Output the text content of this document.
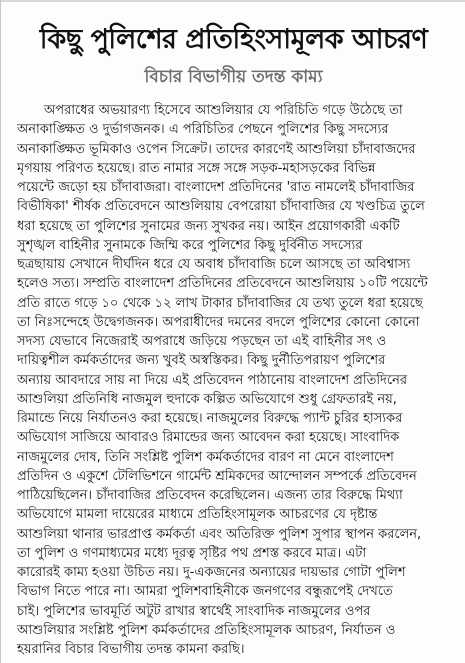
কিছু পুলিশের প্রতিহিংসামূলক আচরণ
বিচার বিভাগীয় তদন্ত কাম্য
অপরাধের অভয়ারণ্য হিসেবে আশুলিয়ার যে পরিচিতি গড়ে উঠেছে তা
অনাকাঙ্ক্ষিত ও দুর্ভাগজনক। এ পরিচিতির পেছনে পুলিশের কিছু সদস্যের
অনাকাঙ্ক্ষিত ভূমিকাও ওপেন সিক্রেট। তাদের কারণেই আশুলিয়া চাঁদাবাজদের
মৃগয়ায় পরিণত হয়েছে। রাত নামার সঙ্গে সঙ্গে সড়ক-মহাসড়কের বিভিন্ন
পয়েন্টে জড়ো হয় চাঁদাবাজরা। বাংলাদেশ প্রতিদিনের 'রাত নামলেই চাঁদাবাজির
বিভীষিকা' শীর্ষক প্রতিবেদনে আশুলিয়ায় বেপরোয়া চাঁদাবাজির যে খণ্ডচিত্র তুলে
ধরা হয়েছে তা পুলিশের সুনামের জন্য সুখকর নয়। আইন প্রয়োগকারী একটি
সুশৃঙ্খল বাহিনীর সুনামকে জিম্মি করে পুলিশের কিছু দুর্বিনীত সদস্যের
ছত্রছায়ায় সেখানে দীর্ঘদিন ধরে যে অবাধ চাঁদাবাজি চলে আসছে তা অবিশ্বাস্য
হলেও সত্য। সম্প্রতি বাংলাদেশ প্রতিদিনের প্রতিবেদনে আশুলিয়ায় ১০টি পয়েন্টে
প্রতি রাতে গড়ে ১০ থেকে ১২ লাখ টাকার চাঁদাবাজির যে তথ্য তুলে ধরা হয়েছে
তা নিঃসন্দেহে উদ্বেগজনক। অপরাধীদের দমনের বদলে পুলিশের কোনো কোনো
সদস্য যেভাবে নিজেরাই অপরাধে জড়িয়ে পড়ছেন তা এই বাহিনীর সৎ ও
দায়িত্বশীল কর্মকর্তাদের জন্য খুবই অস্বস্তিকর। কিছু দুর্নীতিপরায়ণ পুলিশের
অন্যায় আবদারে সায় না দিয়ে এই প্রতিবেদন পাঠানোয় বাংলাদেশ প্রতিদিনের
আশুলিয়া প্রতিনিধি নাজমুল হুদাকে কল্পিত অভিযোগে শুধু গ্রেফতারই নয়,
রিমান্ডে নিয়ে নির্যাতনও করা হয়েছে। নাজমুলের বিরুদ্ধে প্যান্ট চুরির হাস্যকর
অভিযোগ সাজিয়ে আবারও রিমান্ডের জন্য আবেদন করা হয়েছে। সাংবাদিক
নাজমুলের দোষ, তিনি সংশ্লিষ্ট পুলিশ কর্মকর্তাদের বারণ না মেনে বাংলাদেশ
প্রতিদিন ও একুশে টেলিভিশনে গার্মেন্ট শ্রমিকদের আন্দোলন সম্পর্কে প্রতিবেদন
পাঠিয়েছিলেন। চাঁদাবাজির প্রতিবেদন করেছিলেন। এজন্য তার বিরুদ্ধে মিথ্যা
অভিযোগে মামলা দায়েরের মাধ্যমে প্রতিহিংসামূলক আচরণের যে দৃষ্টান্ত
আশুলিয়া থানার ভারপ্রাপ্ত কর্মকর্তা এবং অতিরিক্ত পুলিশ সুপার স্থাপন করলেন,
তা পুলিশ ও গণমাধ্যমের মধ্যে দূরত্ব সৃষ্টির পথ প্রশস্ত করবে মাত্র। এটা
কারোরই কাম্য হওয়া উচিত নয়। দু-একজনের অন্যায়ের দায়ভার গোটা পুলিশ
বিভাগ নিতে পারে না। আমরা পুলিশবাহিনীকে জনগণের বন্ধুরূপেই দেখতে
চাই। পুলিশের ভাবমূর্তি অটুট রাখার স্বার্থেই সাংবাদিক নাজমুলের ওপর
আশুলিয়ার সংশ্লিষ্ট পুলিশ কর্মকর্তাদের প্রতিহিংসামূলক আচরণ, নির্যাতন ও
হয়রানির বিচার বিভাগীয় তদন্ত কামনা করছি।
